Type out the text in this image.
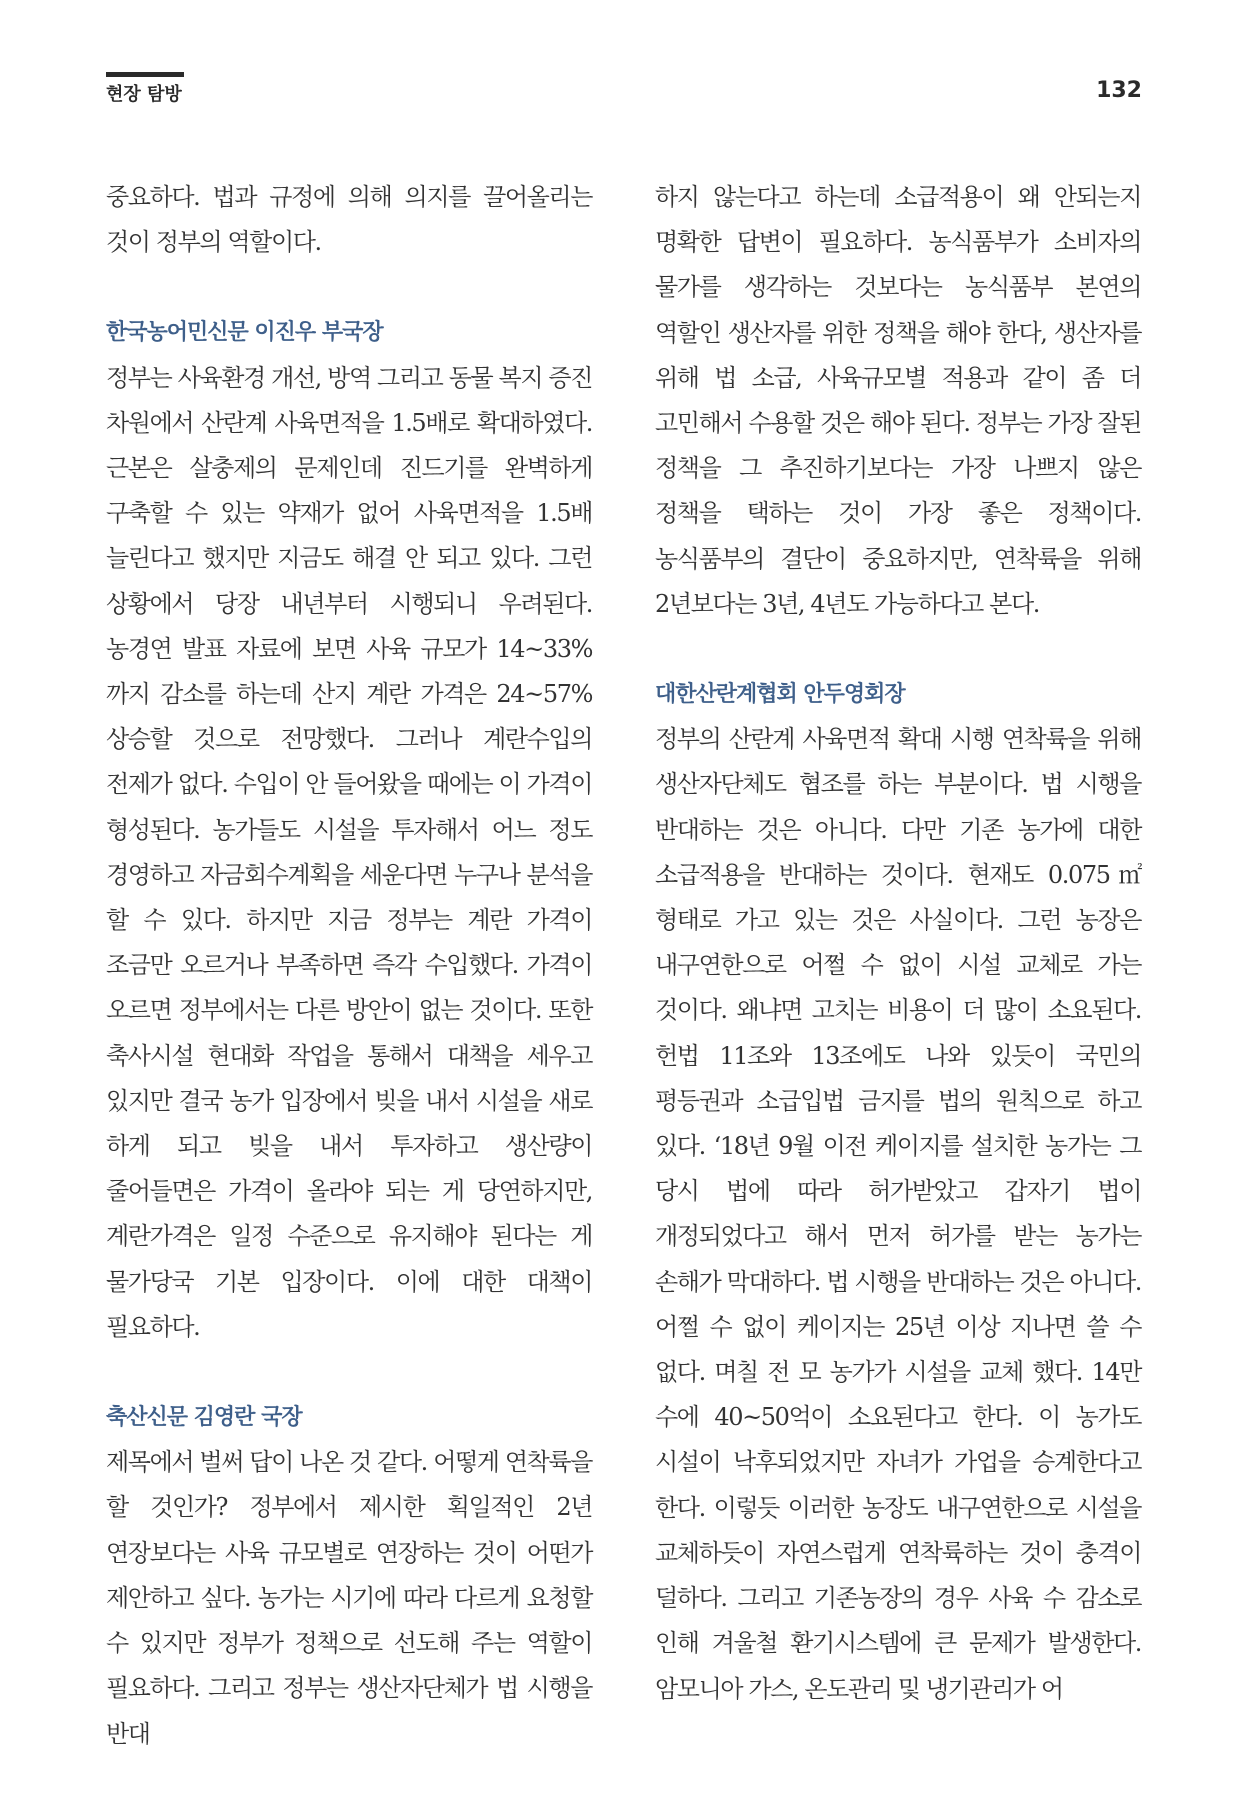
현장 탐방	132

중요하다. 법과 규정에 의해 의지를 끌어올리는 것이 정부의 역할이다.

한국농어민신문 이진우 부국장

정부는 사육환경 개선, 방역 그리고 동물 복지 증진 차원에서 산란계 사육면적을 1.5배로 확대하였다. 근본은 살충제의 문제인데 진드기를 완벽하게 구축할 수 있는 약재가 없어 사육면적을 1.5배 늘린다고 했지만 지금도 해결 안 되고 있다. 그런 상황에서 당장 내년부터 시행되니 우려된다. 농경연 발표 자료에 보면 사육 규모가 14~33%까지 감소를 하는데 산지 계란 가격은 24~57% 상승할 것으로 전망했다. 그러나 계란수입의 전제가 없다. 수입이 안 들어왔을 때에는 이 가격이 형성된다. 농가들도 시설을 투자해서 어느 정도 경영하고 자금회수계획을 세운다면 누구나 분석을 할 수 있다. 하지만 지금 정부는 계란 가격이 조금만 오르거나 부족하면 즉각 수입했다. 가격이 오르면 정부에서는 다른 방안이 없는 것이다. 또한 축사시설 현대화 작업을 통해서 대책을 세우고 있지만 결국 농가 입장에서 빚을 내서 시설을 새로 하게 되고 빚을 내서 투자하고 생산량이 줄어들면은 가격이 올라야 되는 게 당연하지만, 계란가격은 일정 수준으로 유지해야 된다는 게 물가당국 기본 입장이다. 이에 대한 대책이 필요하다.

축산신문 김영란 국장

제목에서 벌써 답이 나온 것 같다. 어떻게 연착륙을 할 것인가? 정부에서 제시한 획일적인 2년 연장보다는 사육 규모별로 연장하는 것이 어떤가 제안하고 싶다. 농가는 시기에 따라 다르게 요청할 수 있지만 정부가 정책으로 선도해 주는 역할이 필요하다. 그리고 정부는 생산자단체가 법 시행을 반대

하지 않는다고 하는데 소급적용이 왜 안되는지 명확한 답변이 필요하다. 농식품부가 소비자의 물가를 생각하는 것보다는 농식품부 본연의 역할인 생산자를 위한 정책을 해야 한다, 생산자를 위해 법 소급, 사육규모별 적용과 같이 좀 더 고민해서 수용할 것은 해야 된다. 정부는 가장 잘된 정책을 그 추진하기보다는 가장 나쁘지 않은 정책을 택하는 것이 가장 좋은 정책이다. 농식품부의 결단이 중요하지만, 연착륙을 위해 2년보다는 3년, 4년도 가능하다고 본다.

대한산란계협회 안두영회장

정부의 산란계 사육면적 확대 시행 연착륙을 위해 생산자단체도 협조를 하는 부분이다. 법 시행을 반대하는 것은 아니다. 다만 기존 농가에 대한 소급적용을 반대하는 것이다. 현재도 0.075㎡ 형태로 가고 있는 것은 사실이다. 그런 농장은 내구연한으로 어쩔 수 없이 시설 교체로 가는 것이다. 왜냐면 고치는 비용이 더 많이 소요된다. 헌법 11조와 13조에도 나와 있듯이 국민의 평등권과 소급입법 금지를 법의 원칙으로 하고 있다. ‘18년 9월 이전 케이지를 설치한 농가는 그 당시 법에 따라 허가받았고 갑자기 법이 개정되었다고 해서 먼저 허가를 받는 농가는 손해가 막대하다. 법 시행을 반대하는 것은 아니다. 어쩔 수 없이 케이지는 25년 이상 지나면 쓸 수 없다. 며칠 전 모 농가가 시설을 교체 했다. 14만 수에 40~50억이 소요된다고 한다. 이 농가도 시설이 낙후되었지만 자녀가 가업을 승계한다고 한다. 이렇듯 이러한 농장도 내구연한으로 시설을 교체하듯이 자연스럽게 연착륙하는 것이 충격이 덜하다. 그리고 기존농장의 경우 사육 수 감소로 인해 겨울철 환기시스템에 큰 문제가 발생한다. 암모니아 가스, 온도관리 및 냉기관리가 어
